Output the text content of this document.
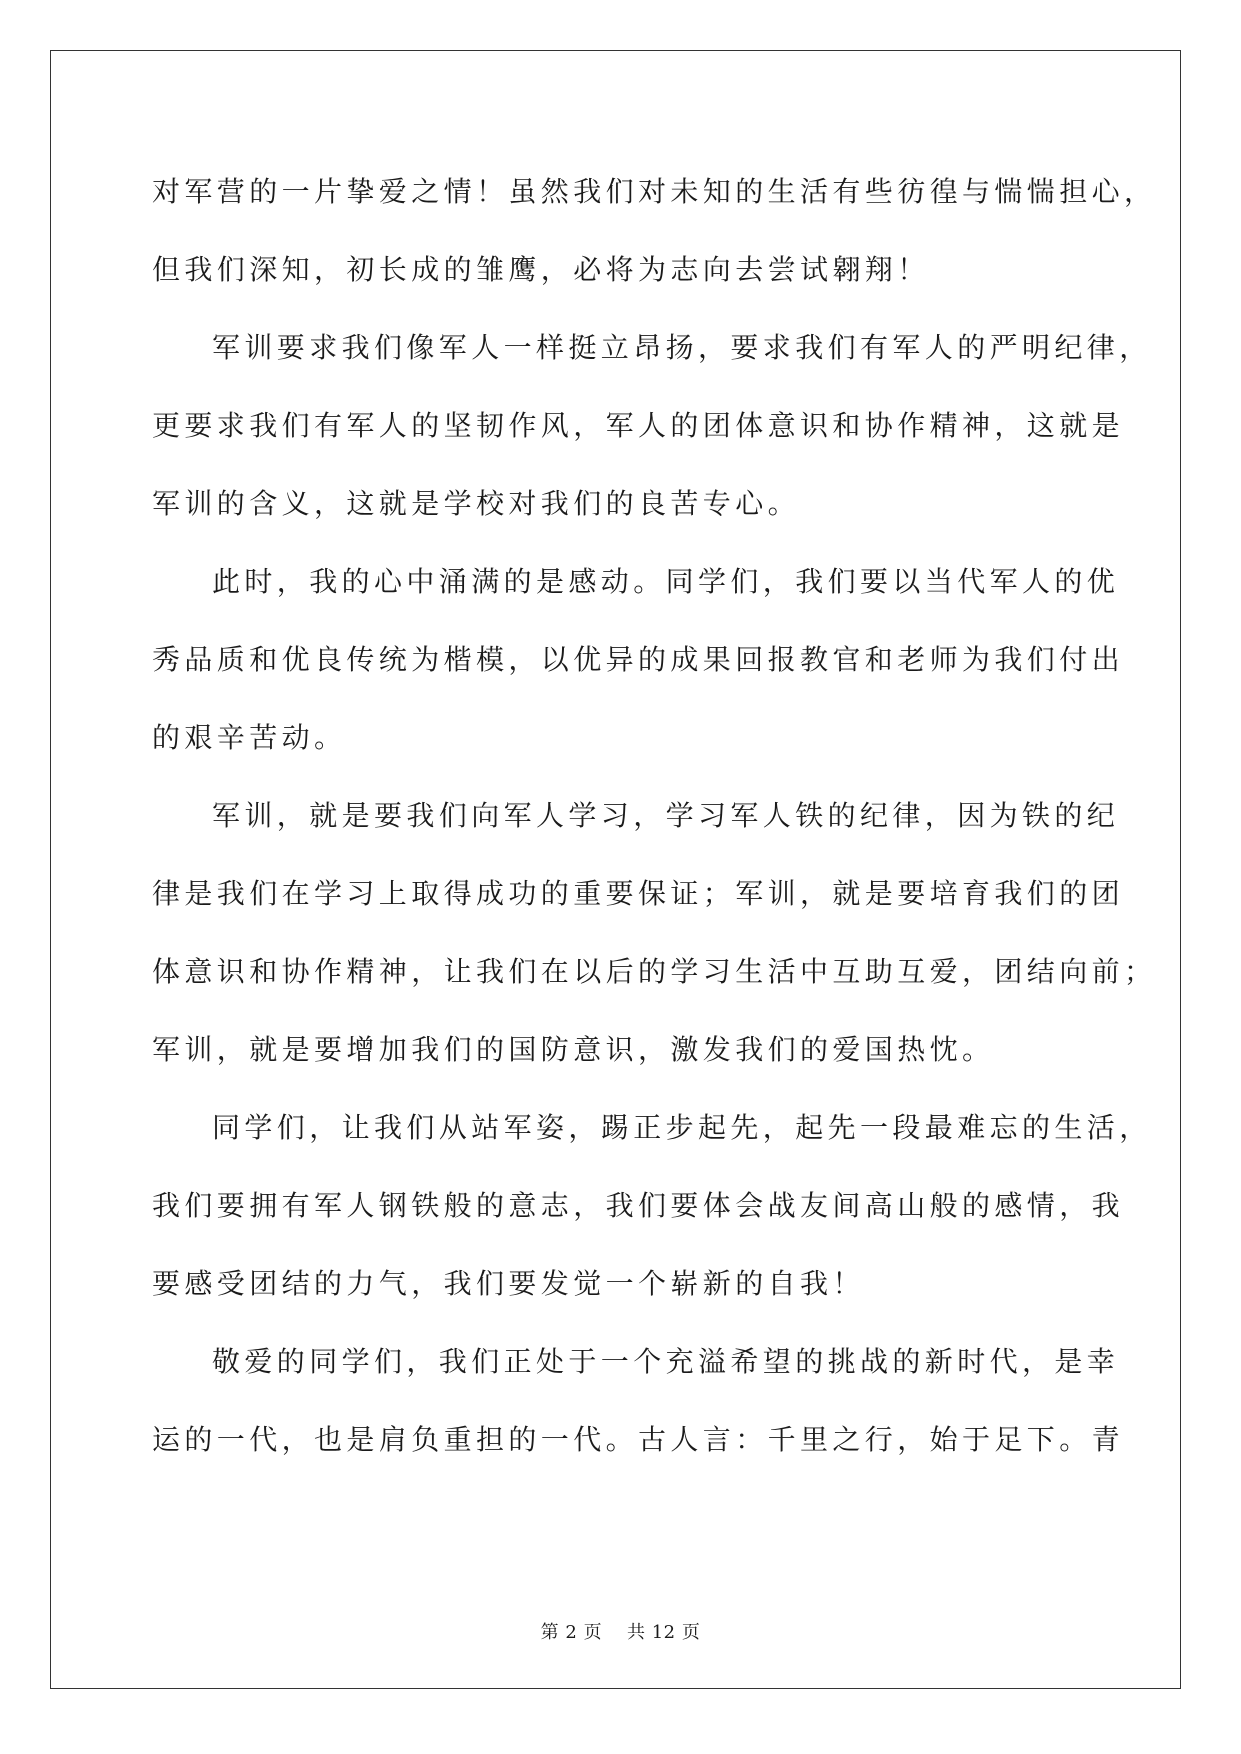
对军营的一片挚爱之情！虽然我们对未知的生活有些彷徨与惴惴担心，
但我们深知，初长成的雏鹰，必将为志向去尝试翱翔！
军训要求我们像军人一样挺立昂扬，要求我们有军人的严明纪律，
更要求我们有军人的坚韧作风，军人的团体意识和协作精神，这就是
军训的含义，这就是学校对我们的良苦专心。
此时，我的心中涌满的是感动。同学们，我们要以当代军人的优
秀品质和优良传统为楷模，以优异的成果回报教官和老师为我们付出
的艰辛苦动。
军训，就是要我们向军人学习，学习军人铁的纪律，因为铁的纪
律是我们在学习上取得成功的重要保证；军训，就是要培育我们的团
体意识和协作精神，让我们在以后的学习生活中互助互爱，团结向前；
军训，就是要增加我们的国防意识，激发我们的爱国热忱。
同学们，让我们从站军姿，踢正步起先，起先一段最难忘的生活，
我们要拥有军人钢铁般的意志，我们要体会战友间高山般的感情，我
要感受团结的力气，我们要发觉一个崭新的自我！
敬爱的同学们，我们正处于一个充溢希望的挑战的新时代，是幸
运的一代，也是肩负重担的一代。古人言：千里之行，始于足下。青
第 2 页 共 12 页
